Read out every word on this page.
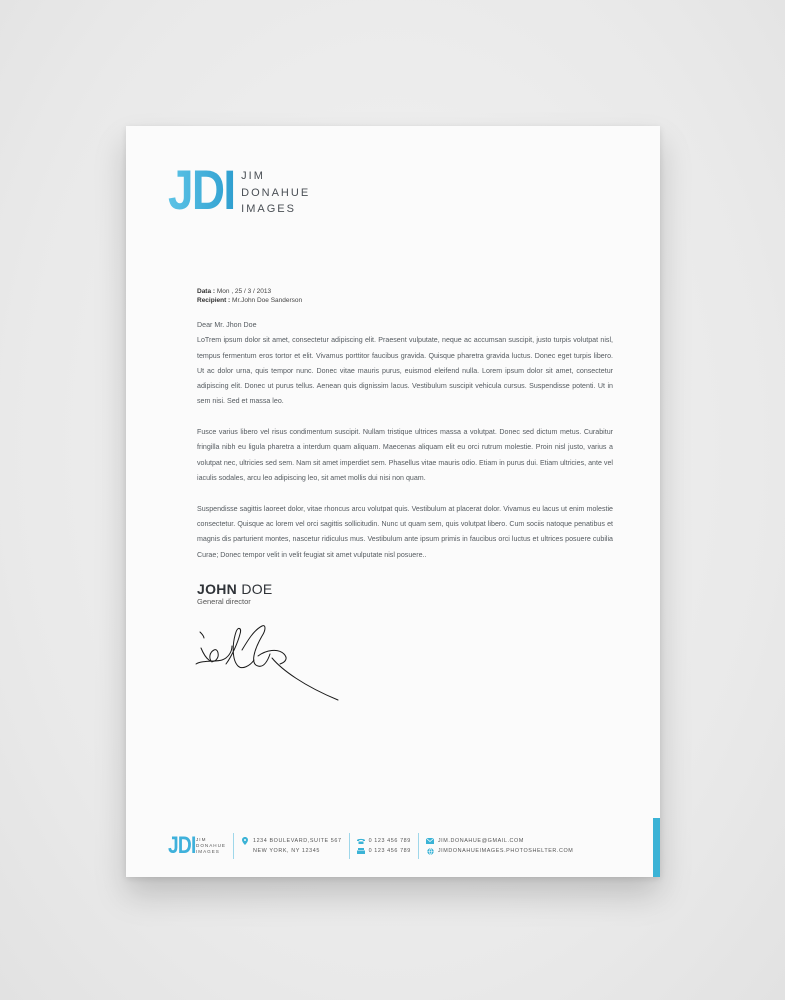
JDI JIM
DONAHUE
IMAGES
Data : Mon , 25 / 3 / 2013
Recipient : Mr.John Doe Sanderson
Dear Mr. Jhon Doe

LoTrem ipsum dolor sit amet, consectetur adipiscing elit. Praesent vulputate, neque ac accumsan suscipit, justo turpis volutpat nisl, tempus fermentum eros tortor et elit. Vivamus porttitor faucibus gravida. Quisque pharetra gravida luctus. Donec eget turpis libero. Ut ac dolor urna, quis tempor nunc. Donec vitae mauris purus, euismod eleifend nulla. Lorem ipsum dolor sit amet, consectetur adipiscing elit. Donec ut purus tellus. Aenean quis dignissim lacus. Vestibulum suscipit vehicula cursus. Suspendisse potenti. Ut in sem nisi. Sed et massa leo.

Fusce varius libero vel risus condimentum suscipit. Nullam tristique ultrices massa a volutpat. Donec sed dictum metus. Curabitur fringilla nibh eu ligula pharetra a interdum quam aliquam. Maecenas aliquam elit eu orci rutrum molestie. Proin nisl justo, varius a volutpat nec, ultricies sed sem. Nam sit amet imperdiet sem. Phasellus vitae mauris odio. Etiam in purus dui. Etiam ultricies, ante vel iaculis sodales, arcu leo adipiscing leo, sit amet mollis dui nisi non quam.

Suspendisse sagittis laoreet dolor, vitae rhoncus arcu volutpat quis. Vestibulum at placerat dolor. Vivamus eu lacus ut enim molestie consectetur. Quisque ac lorem vel orci sagittis sollicitudin. Nunc ut quam sem, quis volutpat libero. Cum sociis natoque penatibus et magnis dis parturient montes, nascetur ridiculus mus. Vestibulum ante ipsum primis in faucibus orci luctus et ultrices posuere cubilia Curae; Donec tempor velit in velit feugiat sit amet vulputate nisl posuere..

JOHN DOE
General director
JDI JIM
DONAHUE
IMAGES
1234 BOULEVARD,SUITE 567
NEW YORK, NY 12345
0 123 456 789
0 123 456 789
JIM.DONAHUE@GMAIL.COM
JIMDONAHUEIMAGES.PHOTOSHELTER.COM
